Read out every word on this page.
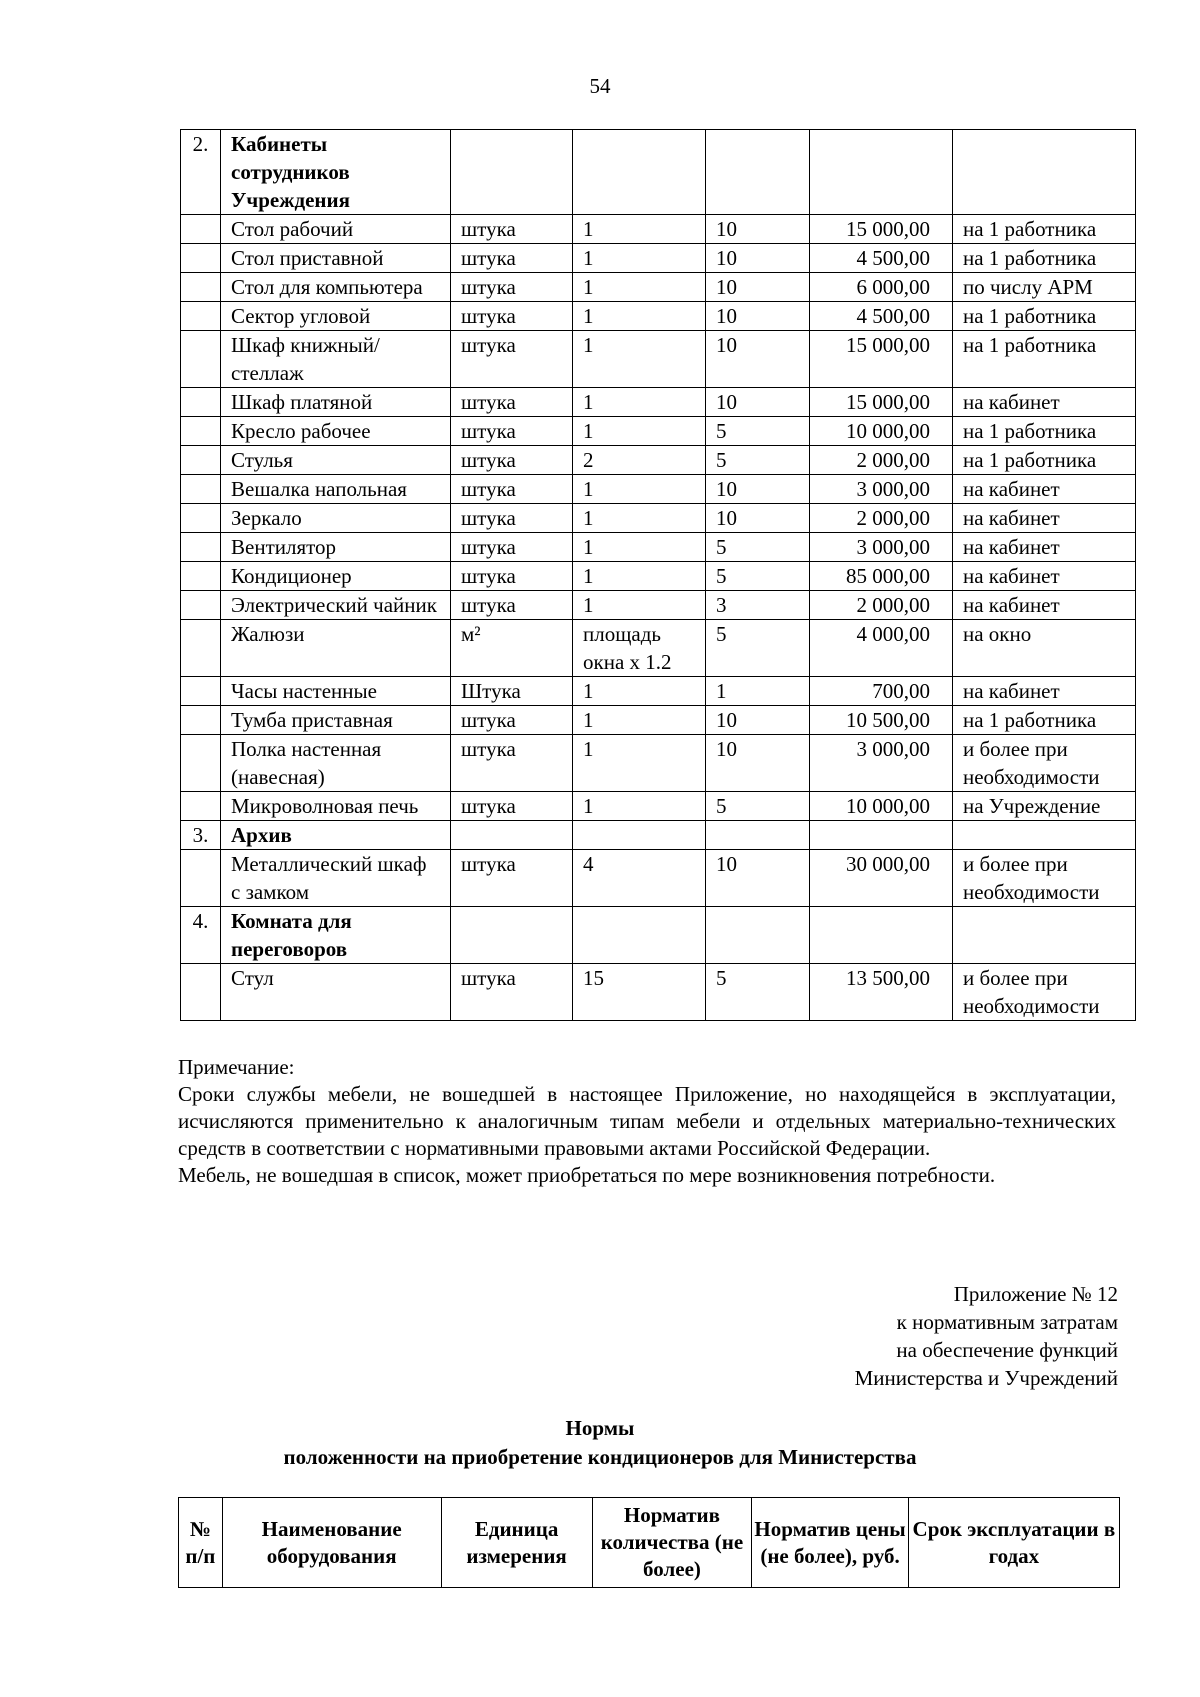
54
2.	Кабинеты сотрудников Учреждения					
	Стол рабочий	штука	1	10	15 000,00	на 1 работника
	Стол приставной	штука	1	10	4 500,00	на 1 работника
	Стол для компьютера	штука	1	10	6 000,00	по числу АРМ
	Сектор угловой	штука	1	10	4 500,00	на 1 работника
	Шкаф книжный/стеллаж	штука	1	10	15 000,00	на 1 работника
	Шкаф платяной	штука	1	10	15 000,00	на кабинет
	Кресло рабочее	штука	1	5	10 000,00	на 1 работника
	Стулья	штука	2	5	2 000,00	на 1 работника
	Вешалка напольная	штука	1	10	3 000,00	на кабинет
	Зеркало	штука	1	10	2 000,00	на кабинет
	Вентилятор	штука	1	5	3 000,00	на кабинет
	Кондиционер	штука	1	5	85 000,00	на кабинет
	Электрический чайник	штука	1	3	2 000,00	на кабинет
	Жалюзи	м²	площадь окна х 1.2	5	4 000,00	на окно
	Часы настенные	Штука	1	1	700,00	на кабинет
	Тумба приставная	штука	1	10	10 500,00	на 1 работника
	Полка настенная (навесная)	штука	1	10	3 000,00	и более при необходимости
	Микроволновая печь	штука	1	5	10 000,00	на Учреждение
3.	Архив					
	Металлический шкаф с замком	штука	4	10	30 000,00	и более при необходимости
4.	Комната для переговоров					
	Стул	штука	15	5	13 500,00	и более при необходимости

Примечание:

Сроки службы мебели, не вошедшей в настоящее Приложение, но находящейся в эксплуатации, исчисляются применительно к аналогичным типам мебели и отдельных материально-технических средств в соответствии с нормативными правовыми актами Российской Федерации.

Мебель, не вошедшая в список, может приобретаться по мере возникновения потребности.

Приложение № 12
к нормативным затратам
на обеспечение функций
Министерства и Учреждений
Нормы
положенности на приобретение кондиционеров для Министерства
№ п/п	Наименование оборудования	Единица измерения	Норматив количества (не более)	Норматив цены (не более), руб.	Срок эксплуатации в годах
